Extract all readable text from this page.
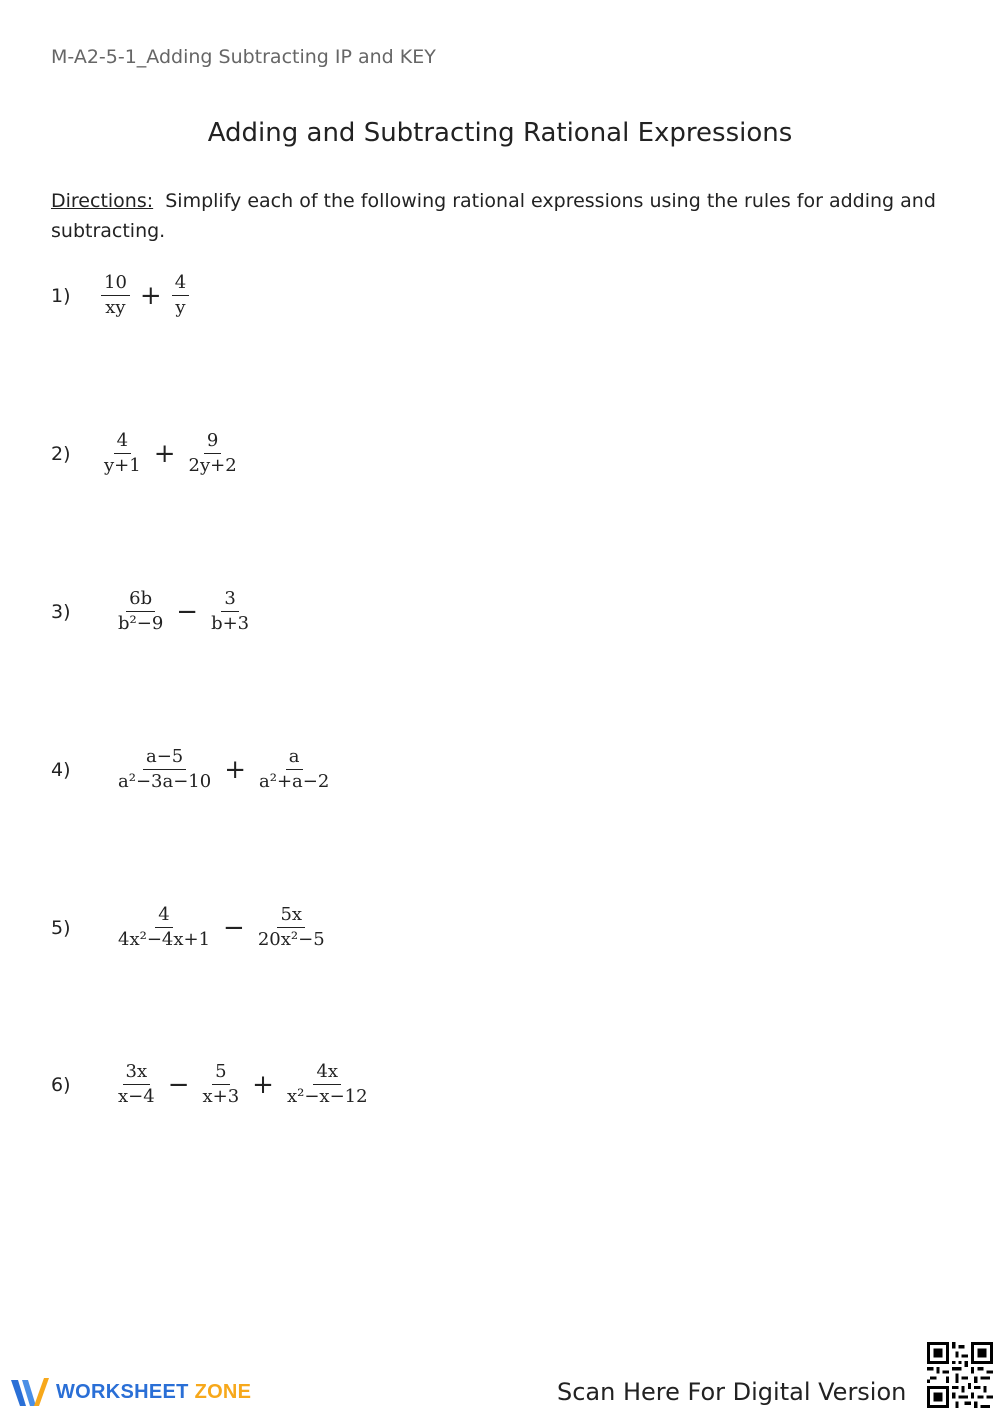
M-A2-5-1_Adding Subtracting IP and KEY
Adding and Subtracting Rational Expressions
Directions: Simplify each of the following rational expressions using the rules for adding and subtracting.
1)	$\frac{10}{xy} + \frac{4}{y}$
2)	$\frac{4}{y+1} + \frac{9}{2y+2}$
3)	$\frac{6b}{\text{b²−9}} - \frac{3}{b+3}$
4)	$\frac{a-5}{\text{a²−3a−10}} + \frac{a}{\text{a²+a−2}}$
5)	$\frac{4}{\text{4x²−4x+1}} - \frac{5x}{\text{20x²−5}}$
6)	$\frac{3x}{x-4} - \frac{5}{x+3} + \frac{4x}{\text{x²−x−12}}$
WORKSHEET ZONE	Scan Here For Digital Version
